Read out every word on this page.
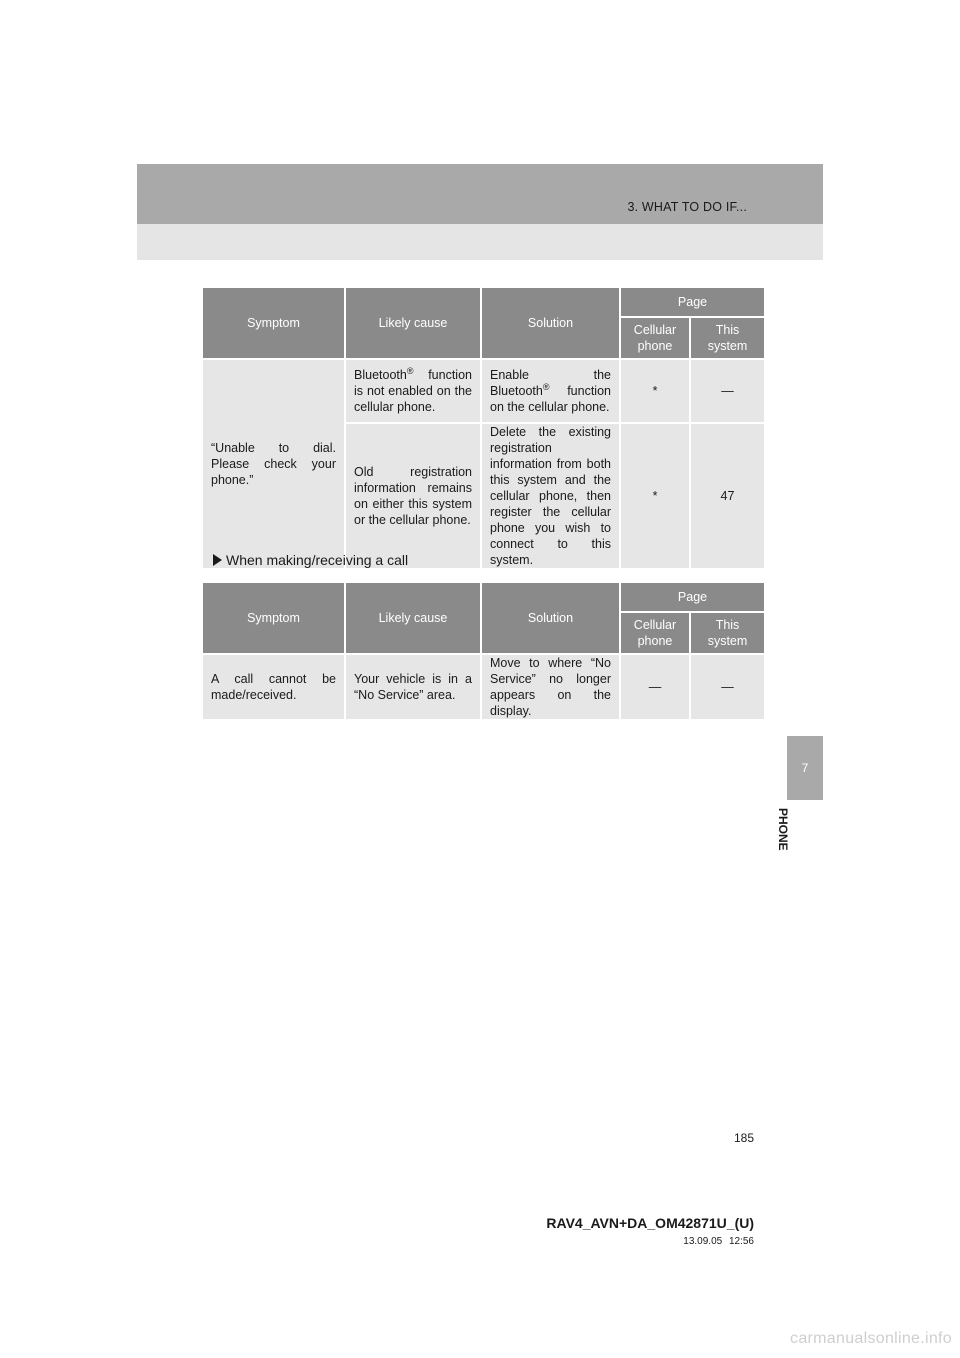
3. WHAT TO DO IF...
7
PHONE
Symptom	Likely cause	Solution	Page	
			Cellular phone	This system
“Unable to dial. Please check your phone.”	Bluetooth® function is not enabled on the cellular phone.	Enable the Bluetooth® function on the cellular phone.	*	—
	Old registration information remains on either this system or the cellular phone.	Delete the existing registration information from both this system and the cellular phone, then register the cellular phone you wish to connect to this system.	*	47
When making/receiving a call
Symptom	Likely cause	Solution	Page	
			Cellular phone	This system
A call cannot be made/received.	Your vehicle is in a “No Service” area.	Move to where “No Service” no longer appears on the display.	—	—
185
RAV4_AVN+DA_OM42871U_(U)
13.09.05 12:56
carmanualsonline.info
